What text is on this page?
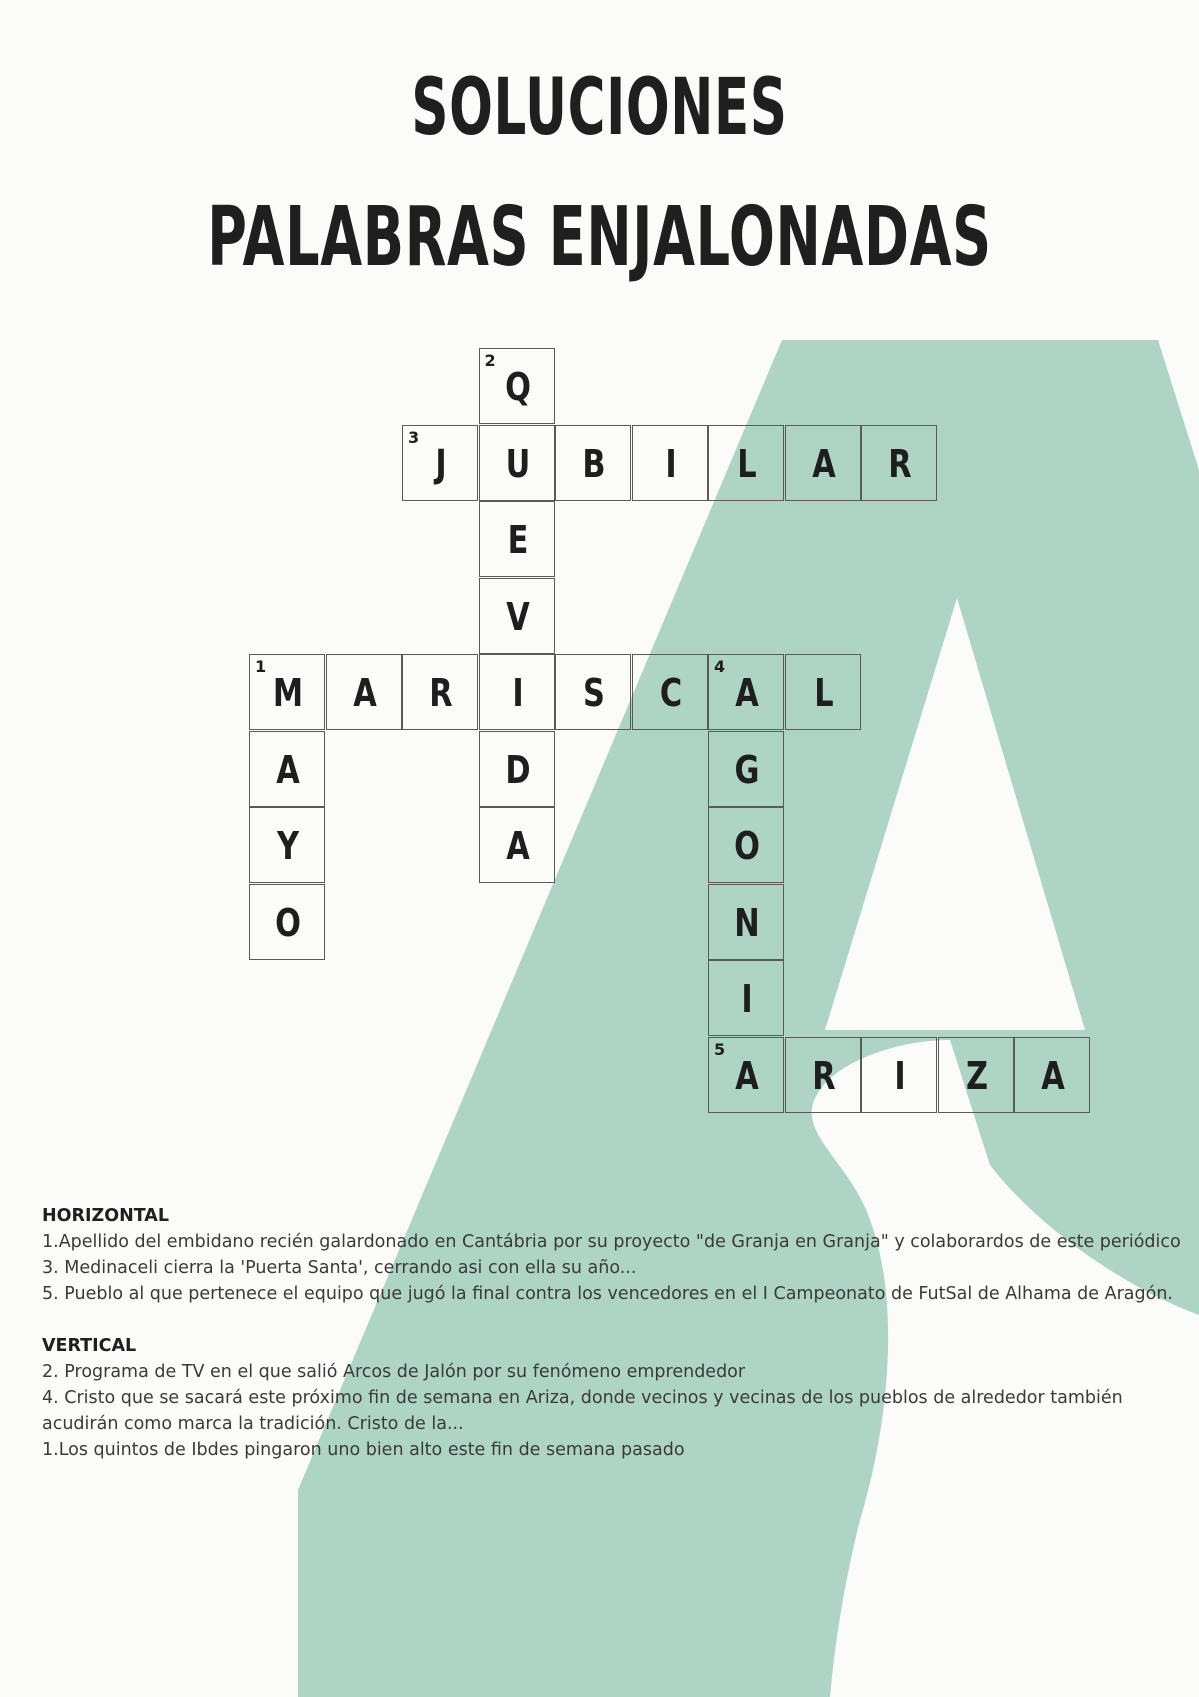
SOLUCIONES
PALABRAS ENJALONADAS
M
1
A	R	I	S	C	A
4
L
J
3
U	B	I	L	A	R
A
5
R	I	Z	A
Q
2
E
V
D
A
G
O
N
I
A
Y
O
HORIZONTAL
1.Apellido del embidano recién galardonado en Cantábria por su proyecto "de Granja en Granja" y colaborardos de este periódico
3. Medinaceli cierra la 'Puerta Santa', cerrando asi con ella su año...
5. Pueblo al que pertenece el equipo que jugó la final contra los vencedores en el I Campeonato de FutSal de Alhama de Aragón.
VERTICAL
2. Programa de TV en el que salió Arcos de Jalón por su fenómeno emprendedor
4. Cristo que se sacará este próximo fin de semana en Ariza, donde vecinos y vecinas de los pueblos de alrededor también acudirán como marca la tradición. Cristo de la...
1.Los quintos de Ibdes pingaron uno bien alto este fin de semana pasado
